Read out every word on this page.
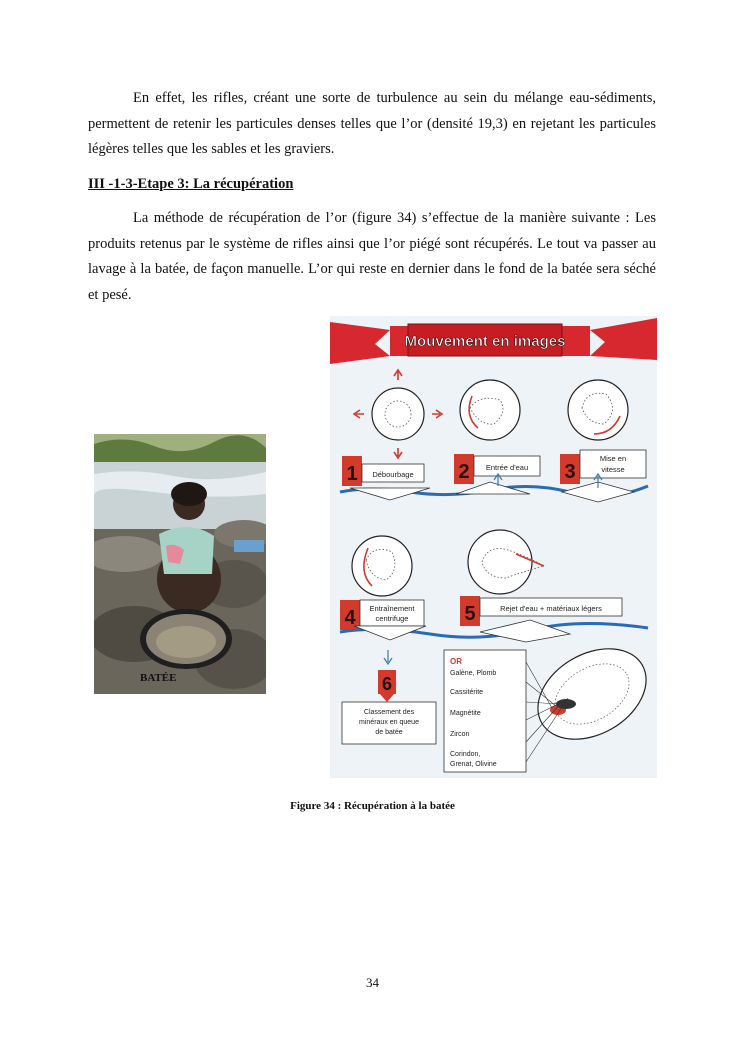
En effet, les rifles, créant une sorte de turbulence au sein du mélange eau-sédiments, permettent de retenir les particules denses telles que l’or (densité 19,3) en rejetant les particules légères telles que les sables et les graviers.

III -1-3-Etape 3: La récupération

La méthode de récupération de l’or (figure 34) s’effectue de la manière suivante : Les produits retenus par le système de rifles ainsi que l’or piégé sont récupérés. Le tout va passer au lavage à la batée, de façon manuelle. L’or qui reste en dernier dans le fond de la batée sera séché et pesé.

BATÉE
Mouvement en images
1 Débourbage 2 Entrée d'eau 3
Mise en
vitesse
4 Entraînement
centrifuge	5	Rejet d'eau + matériaux légers
6
Classement des
minéraux en queue
de batée
OR
Galène, Plomb
Cassitérite
Magnétite
Zircon
Corindon,
Grenat, Olivine

Figure 34 : Récupération à la batée

34
